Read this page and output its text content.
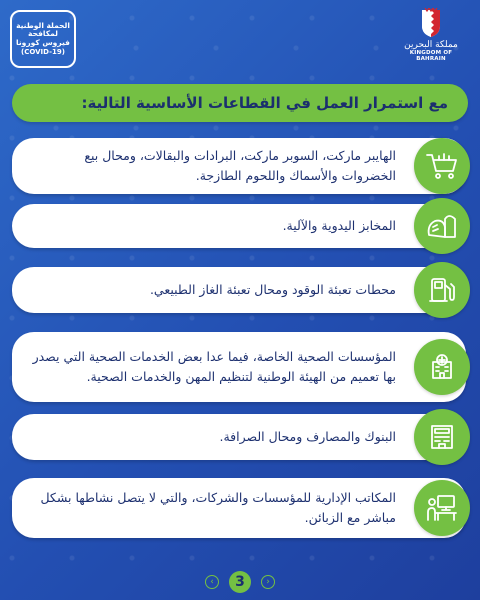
الحملة الوطنية
لمكافحة
فيروس كورونا
(COVID-19)
مملكة البحرين
KINGDOM OF BAHRAIN
مع استمرار العمل في القطاعات الأساسية التالية:
الهايبر ماركت، السوبر ماركت، البرادات والبقالات، ومحال بيع الخضروات والأسماك واللحوم الطازجة.
المخابز اليدوية والآلية.
محطات تعبئة الوقود ومحال تعبئة الغاز الطبيعي.
المؤسسات الصحية الخاصة، فيما عدا بعض الخدمات الصحية التي يصدر بها تعميم من الهيئة الوطنية لتنظيم المهن والخدمات الصحية.
البنوك والمصارف ومحال الصرافة.
المكاتب الإدارية للمؤسسات والشركات، والتي لا يتصل نشاطها بشكل مباشر مع الزبائن.
‹	3	›
